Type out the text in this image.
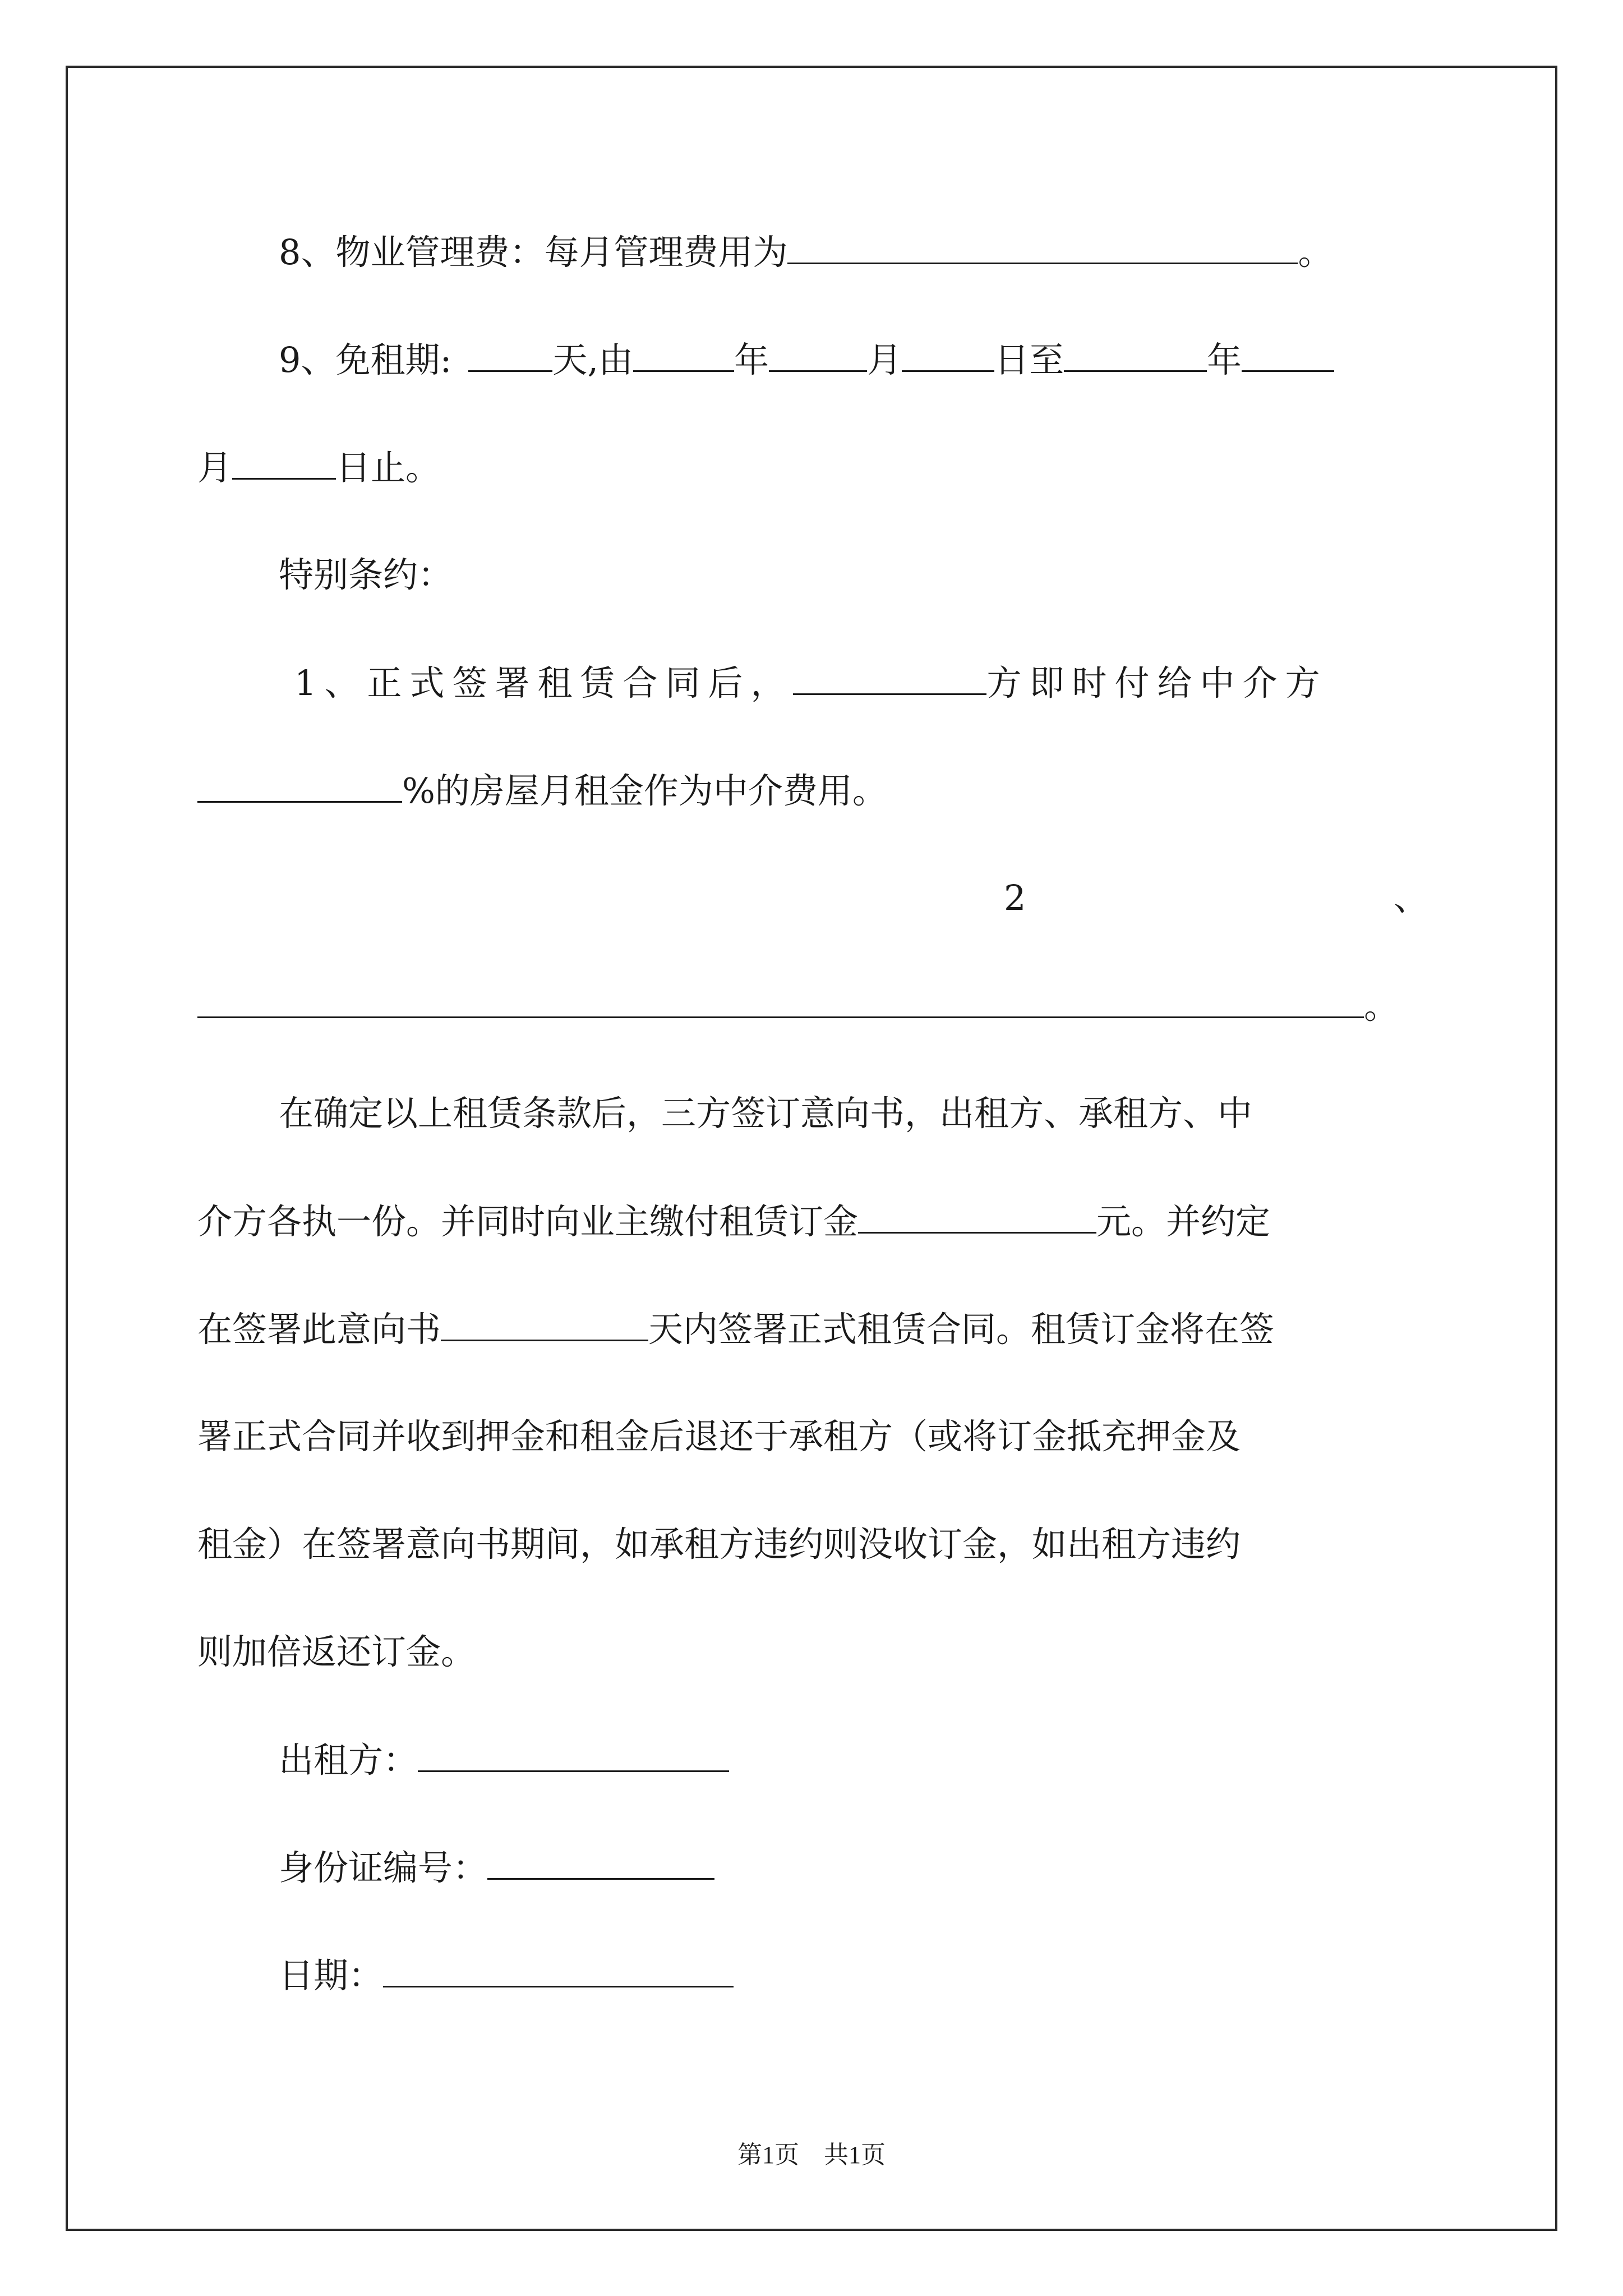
8、物业管理费：每月管理费用为	。
9、免租期:	天,由	年	月	日至	年
月	日止。
特别条约：
1、正式签署租赁合同后，	方即时付给中介方
%的房屋月租金作为中介费用。
2	、
。
在确定以上租赁条款后，三方签订意向书，出租方、承租方、中
介方各执一份。并同时向业主缴付租赁订金	元。并约定
在签署此意向书	天内签署正式租赁合同。租赁订金将在签
署正式合同并收到押金和租金后退还于承租方（或将订金抵充押金及
租金）在签署意向书期间，如承租方违约则没收订金，如出租方违约
则加倍返还订金。
出租方：
身份证编号：
日期：
第1页　共1页
